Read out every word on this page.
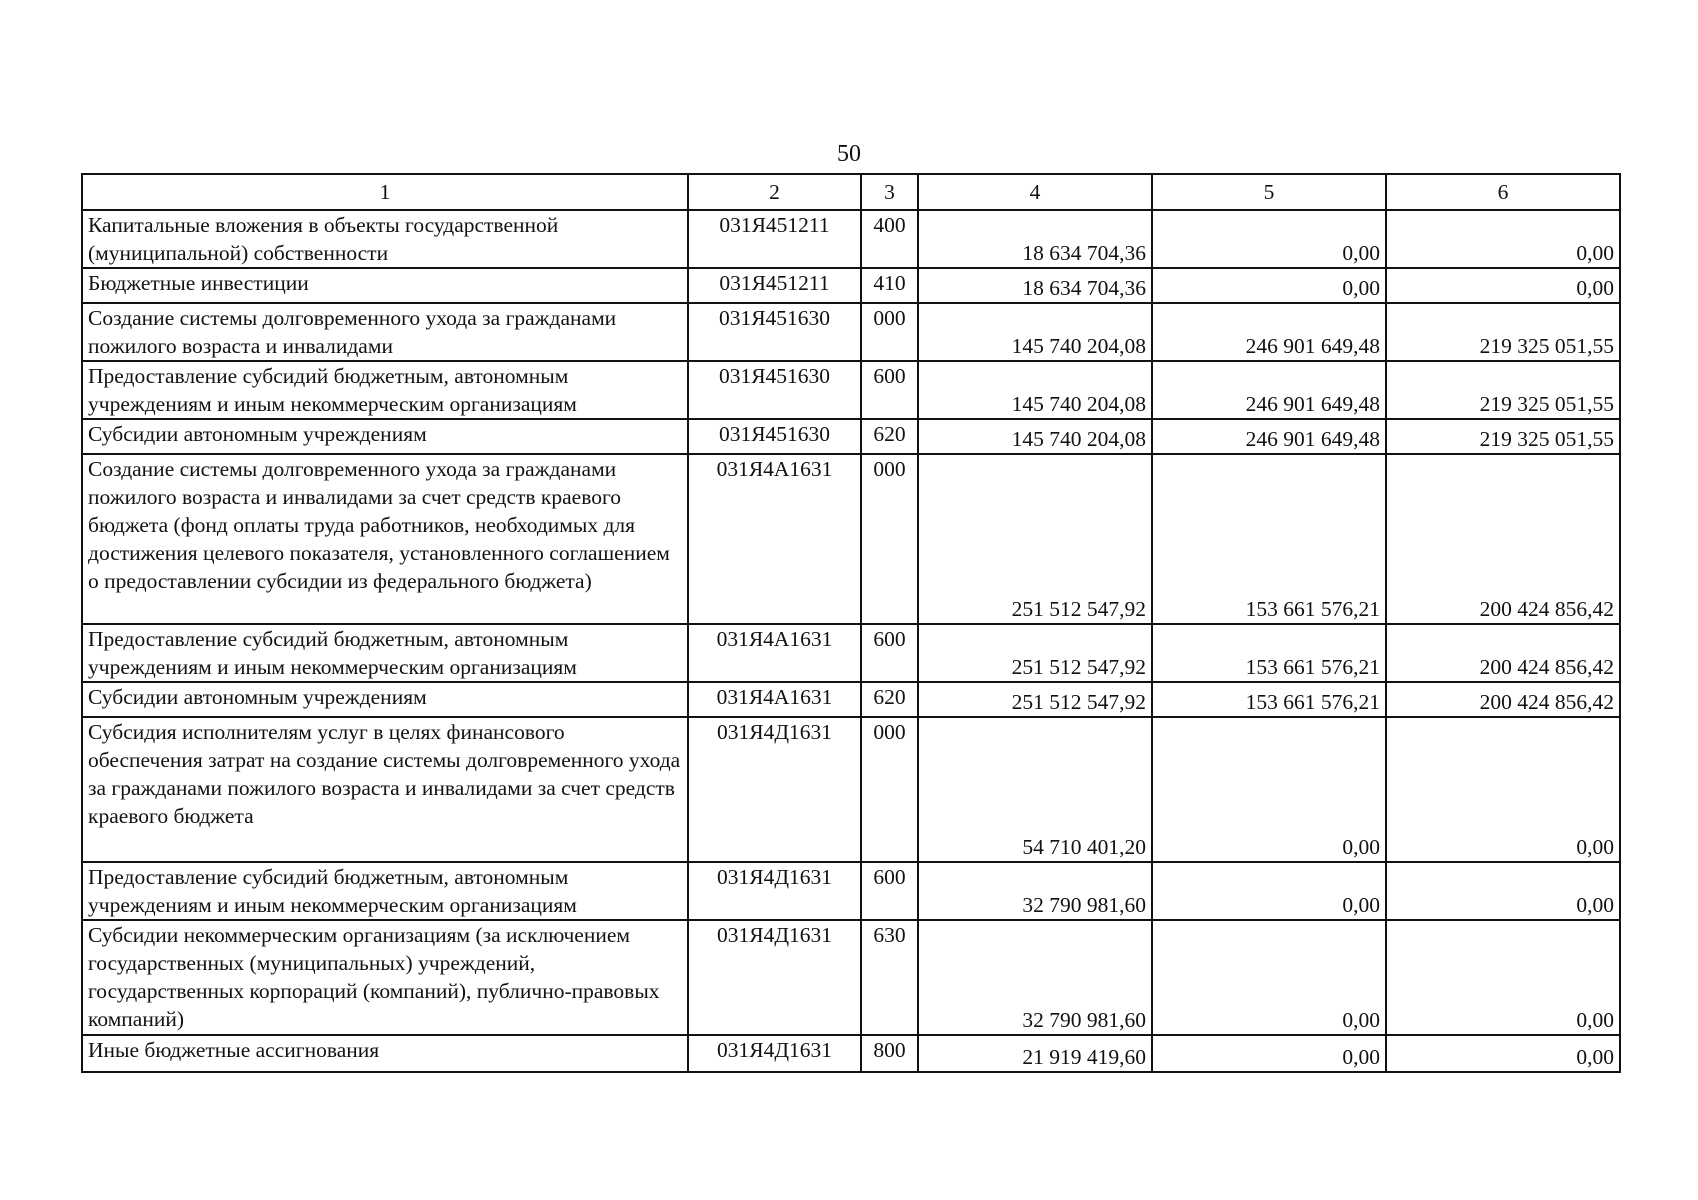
50
1	2	3	4	5	6
Капитальные вложения в объекты государственной (муниципальной) собственности	031Я451211	400	18 634 704,36	0,00	0,00
Бюджетные инвестиции	031Я451211	410	18 634 704,36	0,00	0,00
Создание системы долговременного ухода за гражданами пожилого возраста и инвалидами	031Я451630	000	145 740 204,08	246 901 649,48	219 325 051,55
Предоставление субсидий бюджетным, автономным учреждениям и иным некоммерческим организациям	031Я451630	600	145 740 204,08	246 901 649,48	219 325 051,55
Субсидии автономным учреждениям	031Я451630	620	145 740 204,08	246 901 649,48	219 325 051,55
Создание системы долговременного ухода за гражданами пожилого возраста и инвалидами за счет средств краевого бюджета (фонд оплаты труда работников, необходимых для достижения целевого показателя, установленного соглашением о предоставлении субсидии из федерального бюджета)	031Я4А1631	000	251 512 547,92	153 661 576,21	200 424 856,42
Предоставление субсидий бюджетным, автономным учреждениям и иным некоммерческим организациям	031Я4А1631	600	251 512 547,92	153 661 576,21	200 424 856,42
Субсидии автономным учреждениям	031Я4А1631	620	251 512 547,92	153 661 576,21	200 424 856,42
Субсидия исполнителям услуг в целях финансового обеспечения затрат на создание системы долговременного ухода за гражданами пожилого возраста и инвалидами за счет средств краевого бюджета	031Я4Д1631	000	54 710 401,20	0,00	0,00
Предоставление субсидий бюджетным, автономным учреждениям и иным некоммерческим организациям	031Я4Д1631	600	32 790 981,60	0,00	0,00
Субсидии некоммерческим организациям (за исключением государственных (муниципальных) учреждений, государственных корпораций (компаний), публично-правовых компаний)	031Я4Д1631	630	32 790 981,60	0,00	0,00
Иные бюджетные ассигнования	031Я4Д1631	800	21 919 419,60	0,00	0,00
